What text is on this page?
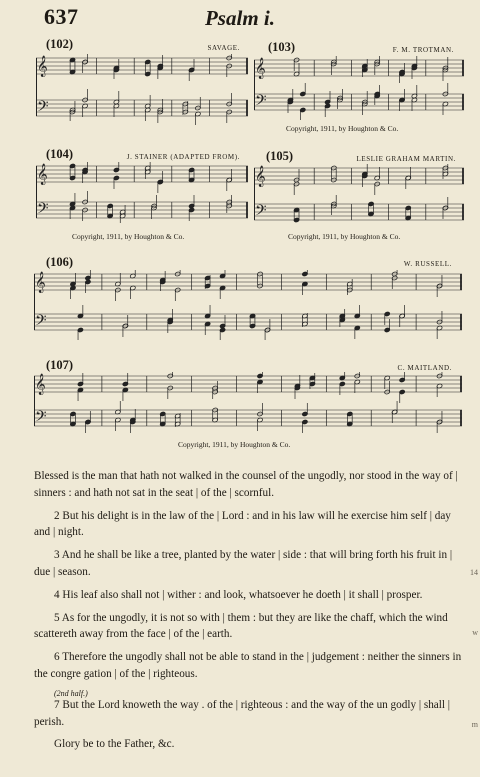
637	Psalm i.
(102)	SAVAGE.
𝄞
𝄢
(103)	F. M. TROTMAN.
𝄞
𝄢
Copyright, 1911, by Houghton & Co.
(104)	J. STAINER (ADAPTED FROM).
𝄞
𝄢
Copyright, 1911, by Houghton & Co.
(105)	LESLIE GRAHAM MARTIN.
𝄞
𝄢
Copyright, 1911, by Houghton & Co.
(106)	W. RUSSELL.
𝄞
𝄢
(107)	C. MAITLAND.
𝄞
𝄢
Copyright, 1911, by Houghton & Co.

Blessed is the man that hath not walked in the counsel of the ungodly, nor stood in the way of | sinners : and hath not sat in the seat | of the | scornful.

2 But his delight is in the law of the | Lord : and in his law will he exercise him self | day and | night.

3 And he shall be like a tree, planted by the water | side : that will bring forth his fruit in | due | season.

4 His leaf also shall not | wither : and look, whatsoever he doeth | it shall | prosper.

5 As for the ungodly, it is not so with | them : but they are like the chaff, which the wind scattereth away from the face | of the | earth.

6 Therefore the ungodly shall not be able to stand in the | judgement : neither the sinners in the congre gation | of the | righteous.

(2nd half.)

7 But the Lord knoweth the way . of the | righteous : and the way of the un godly | shall | perish.

Glory be to the Father, &c.

14
w
m
